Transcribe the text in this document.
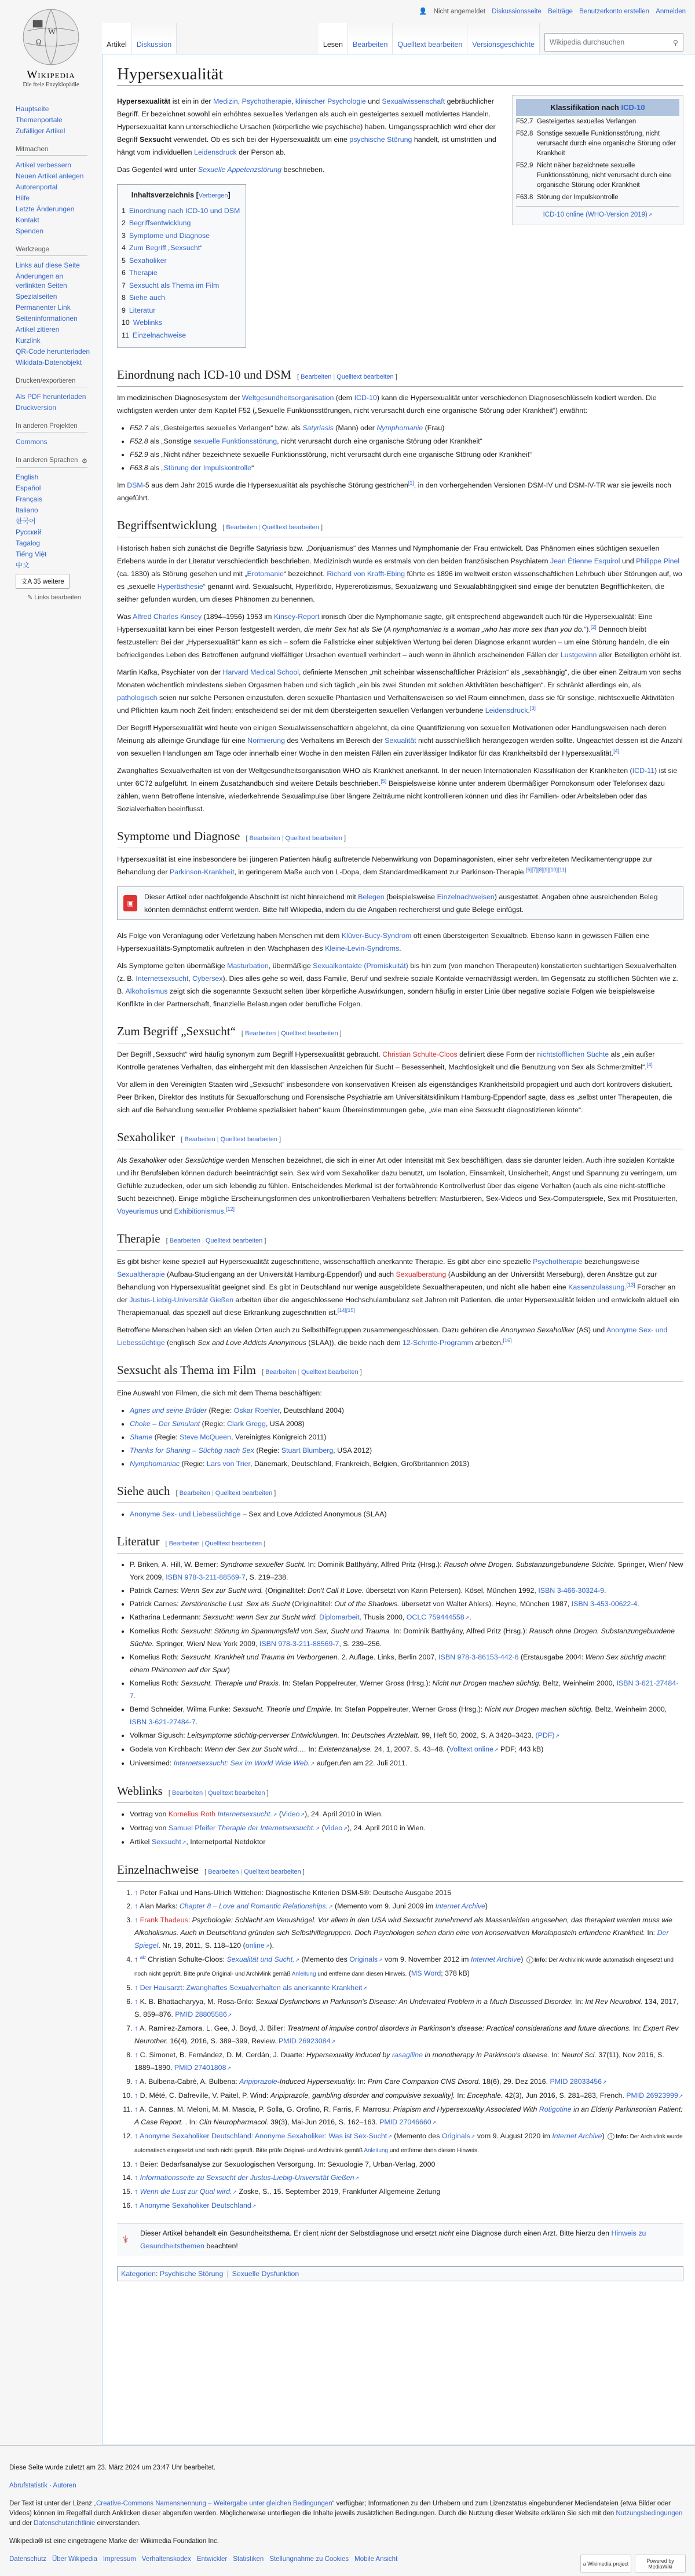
W
Ω
Wikipedia
Die freie Enzyklopädie
👤 Nicht angemeldet Diskussionsseite Beiträge Benutzerkonto erstellen Anmelden
Artikel	Diskussion	Lesen	Bearbeiten	Quelltext bearbeiten	Versionsgeschichte	Wikipedia durchsuchen	⚲
Hauptseite
Themenportale
Zufälliger Artikel
Mitmachen
Artikel verbessern
Neuen Artikel anlegen
Autorenportal
Hilfe
Letzte Änderungen
Kontakt
Spenden
Werkzeuge
Links auf diese Seite
Änderungen an verlinkten Seiten
Spezialseiten
Permanenter Link
Seiteninformationen
Artikel zitieren
Kurzlink
QR-Code herunterladen
Wikidata-Datenobjekt
Drucken/exportieren
Als PDF herunterladen
Druckversion
In anderen Projekten
Commons
In anderen Sprachen ⚙
English
Español
Français
Italiano
한국어
Русский
Tagalog
Tiếng Việt
中文
文A 35 weitere
✎ Links bearbeiten
Hypersexualität
Klassifikation nach ICD-10
F52.7 Gesteigertes sexuelles Verlangen
F52.8 Sonstige sexuelle Funktionsstörung, nicht verursacht durch eine organische Störung oder Krankheit
F52.9 Nicht näher bezeichnete sexuelle Funktionsstörung, nicht verursacht durch eine organische Störung oder Krankheit
F63.8 Störung der Impulskontrolle
ICD-10 online (WHO-Version 2019)↗

Hypersexualität ist ein in der Medizin, Psychotherapie, klinischer Psychologie und Sexualwissenschaft gebräuchlicher Begriff. Er bezeichnet sowohl ein erhöhtes sexuelles Verlangen als auch ein gesteigertes sexuell motiviertes Handeln. Hypersexualität kann unterschiedliche Ursachen (körperliche wie psychische) haben. Umgangssprachlich wird eher der Begriff Sexsucht verwendet. Ob es sich bei der Hypersexualität um eine psychische Störung handelt, ist umstritten und hängt vom individuellen Leidensdruck der Person ab.

Das Gegenteil wird unter Sexuelle Appetenzstörung beschrieben.

Inhaltsverzeichnis [Verbergen]
1 Einordnung nach ICD-10 und DSM
2 Begriffsentwicklung
3 Symptome und Diagnose
4 Zum Begriff „Sexsucht“
5 Sexaholiker
6 Therapie
7 Sexsucht als Thema im Film
8 Siehe auch
9 Literatur
10 Weblinks
11 Einzelnachweise
Einordnung nach ICD-10 und DSM [ Bearbeiten | Quelltext bearbeiten ]

Im medizinischen Diagnosesystem der Weltgesundheitsorganisation (dem ICD-10) kann die Hypersexualität unter verschiedenen Diagnoseschlüsseln kodiert werden. Die wichtigsten werden unter dem Kapitel F52 („Sexuelle Funktionsstörungen, nicht verursacht durch eine organische Störung oder Krankheit“) erwähnt:

• F52.7 als „Gesteigertes sexuelles Verlangen“ bzw. als Satyriasis (Mann) oder Nymphomanie (Frau)
• F52.8 als „Sonstige sexuelle Funktionsstörung, nicht verursacht durch eine organische Störung oder Krankheit“
• F52.9 als „Nicht näher bezeichnete sexuelle Funktionsstörung, nicht verursacht durch eine organische Störung oder Krankheit“
• F63.8 als „Störung der Impulskontrolle“

Im DSM-5 aus dem Jahr 2015 wurde die Hypersexualität als psychische Störung gestrichen[1], in den vorhergehenden Versionen DSM-IV und DSM-IV-TR war sie jeweils noch angeführt.

Begriffsentwicklung [ Bearbeiten | Quelltext bearbeiten ]

Historisch haben sich zunächst die Begriffe Satyriasis bzw. „Donjuanismus“ des Mannes und Nymphomanie der Frau entwickelt. Das Phänomen eines süchtigen sexuellen Erlebens wurde in der Literatur verschiedentlich beschrieben. Medizinisch wurde es erstmals von den beiden französischen Psychiatern Jean Étienne Esquirol und Philippe Pinel (ca. 1830) als Störung gesehen und mit „Erotomanie“ bezeichnet. Richard von Krafft-Ebing führte es 1896 im weltweit ersten wissenschaftlichen Lehrbuch über Störungen auf, wo es „sexuelle Hyperästhesie“ genannt wird. Sexualsucht, Hyperlibido, Hypererotizismus, Sexualzwang und Sexualabhängigkeit sind einige der benutzten Begrifflichkeiten, die seither gefunden wurden, um dieses Phänomen zu benennen.

Was Alfred Charles Kinsey (1894–1956) 1953 im Kinsey-Report ironisch über die Nymphomanie sagte, gilt entsprechend abgewandelt auch für die Hypersexualität: Eine Hypersexualität kann bei einer Person festgestellt werden, die mehr Sex hat als Sie (A nymphomaniac is a woman „who has more sex than you do.“).[2] Dennoch bleibt festzustellen: Bei der „Hypersexualität“ kann es sich – sofern die Fallstricke einer subjektiven Wertung bei deren Diagnose erkannt wurden – um eine Störung handeln, die ein befriedigendes Leben des Betroffenen aufgrund vielfältiger Ursachen eventuell verhindert – auch wenn in ähnlich erscheinenden Fällen der Lustgewinn aller Beteiligten erhöht ist.

Martin Kafka, Psychiater von der Harvard Medical School, definierte Menschen „mit scheinbar wissenschaftlicher Präzision“ als „sexabhängig“, die über einen Zeitraum von sechs Monaten wöchentlich mindestens sieben Orgasmen haben und sich täglich „ein bis zwei Stunden mit solchen Aktivitäten beschäftigen“. Er schränkt allerdings ein, als pathologisch seien nur solche Personen einzustufen, deren sexuelle Phantasien und Verhaltensweisen so viel Raum einnehmen, dass sie für sonstige, nichtsexuelle Aktivitäten und Pflichten kaum noch Zeit finden; entscheidend sei der mit dem übersteigerten sexuellen Verlangen verbundene Leidensdruck.[3]

Der Begriff Hypersexualität wird heute von einigen Sexualwissenschaftlern abgelehnt, da eine Quantifizierung von sexuellen Motivationen oder Handlungsweisen nach deren Meinung als alleinige Grundlage für eine Normierung des Verhaltens im Bereich der Sexualität nicht ausschließlich herangezogen werden sollte. Ungeachtet dessen ist die Anzahl von sexuellen Handlungen am Tage oder innerhalb einer Woche in den meisten Fällen ein zuverlässiger Indikator für das Krankheitsbild der Hypersexualität.[4]

Zwanghaftes Sexualverhalten ist von der Weltgesundheitsorganisation WHO als Krankheit anerkannt. In der neuen Internationalen Klassifikation der Krankheiten (ICD-11) ist sie unter 6C72 aufgeführt. In einem Zusatzhandbuch sind weitere Details beschrieben.[5] Beispielsweise könne unter anderem übermäßiger Pornokonsum oder Telefonsex dazu zählen, wenn Betroffene intensive, wiederkehrende Sexualimpulse über längere Zeiträume nicht kontrollieren können und dies ihr Familien- oder Arbeitsleben oder das Sozialverhalten beeinflusst.

Symptome und Diagnose [ Bearbeiten | Quelltext bearbeiten ]

Hypersexualität ist eine insbesondere bei jüngeren Patienten häufig auftretende Nebenwirkung von Dopaminagonisten, einer sehr verbreiteten Medikamentengruppe zur Behandlung der Parkinson-Krankheit, in geringerem Maße auch von L-Dopa, dem Standardmedikament zur Parkinson-Therapie.[6][7][8][9][10][11]

▣
Dieser Artikel oder nachfolgende Abschnitt ist nicht hinreichend mit Belegen (beispielsweise Einzelnachweisen) ausgestattet. Angaben ohne ausreichenden Beleg könnten demnächst entfernt werden. Bitte hilf Wikipedia, indem du die Angaben recherchierst und gute Belege einfügst.

Als Folge von Veranlagung oder Verletzung haben Menschen mit dem Klüver-Bucy-Syndrom oft einen übersteigerten Sexualtrieb. Ebenso kann in gewissen Fällen eine Hypersexualitäts-Symptomatik auftreten in den Wachphasen des Kleine-Levin-Syndroms.

Als Symptome gelten übermäßige Masturbation, übermäßige Sexualkontakte (Promiskuität) bis hin zum (von manchen Therapeuten) konstatierten suchtartigen Sexualverhalten (z. B. Internetsexsucht, Cybersex). Dies alles gehe so weit, dass Familie, Beruf und sexfreie soziale Kontakte vernachlässigt werden. Im Gegensatz zu stofflichen Süchten wie z. B. Alkoholismus zeigt sich die sogenannte Sexsucht selten über körperliche Auswirkungen, sondern häufig in erster Linie über negative soziale Folgen wie beispielsweise Konflikte in der Partnerschaft, finanzielle Belastungen oder berufliche Folgen.

Zum Begriff „Sexsucht“ [ Bearbeiten | Quelltext bearbeiten ]

Der Begriff „Sexsucht“ wird häufig synonym zum Begriff Hypersexualität gebraucht. Christian Schulte-Cloos definiert diese Form der nichtstofflichen Süchte als „ein außer Kontrolle geratenes Verhalten, das einhergeht mit den klassischen Anzeichen für Sucht – Besessenheit, Machtlosigkeit und die Benutzung von Sex als Schmerzmittel“.[4]

Vor allem in den Vereinigten Staaten wird „Sexsucht“ insbesondere von konservativen Kreisen als eigenständiges Krankheitsbild propagiert und auch dort kontrovers diskutiert. Peer Briken, Direktor des Instituts für Sexualforschung und Forensische Psychiatrie am Universitätsklinikum Hamburg-Eppendorf sagte, dass es „selbst unter Therapeuten, die sich auf die Behandlung sexueller Probleme spezialisiert haben“ kaum Übereinstimmungen gebe, „wie man eine Sexsucht diagnostizieren könnte“.

Sexaholiker [ Bearbeiten | Quelltext bearbeiten ]

Als Sexaholiker oder Sexsüchtige werden Menschen bezeichnet, die sich in einer Art oder Intensität mit Sex beschäftigen, dass sie darunter leiden. Auch ihre sozialen Kontakte und ihr Berufsleben können dadurch beeinträchtigt sein. Sex wird vom Sexaholiker dazu benutzt, um Isolation, Einsamkeit, Unsicherheit, Angst und Spannung zu verringern, um Gefühle zuzudecken, oder um sich lebendig zu fühlen. Entscheidendes Merkmal ist der fortwährende Kontrollverlust über das eigene Verhalten (auch als eine nicht-stoffliche Sucht bezeichnet). Einige mögliche Erscheinungsformen des unkontrollierbaren Verhaltens betreffen: Masturbieren, Sex-Videos und Sex-Computerspiele, Sex mit Prostituierten, Voyeurismus und Exhibitionismus.[12]

Therapie [ Bearbeiten | Quelltext bearbeiten ]

Es gibt bisher keine speziell auf Hypersexualität zugeschnittene, wissenschaftlich anerkannte Therapie. Es gibt aber eine spezielle Psychotherapie beziehungsweise Sexualtherapie (Aufbau-Studiengang an der Universität Hamburg-Eppendorf) und auch Sexualberatung (Ausbildung an der Universität Merseburg), deren Ansätze gut zur Behandlung von Hypersexualität geeignet sind. Es gibt in Deutschland nur wenige ausgebildete Sexualtherapeuten, und nicht alle haben eine Kassenzulassung.[13] Forscher an der Justus-Liebig-Universität Gießen arbeiten über die angeschlossene Hochschulambulanz seit Jahren mit Patienten, die unter Hypersexualität leiden und entwickeln aktuell ein Therapiemanual, das speziell auf diese Erkrankung zugeschnitten ist.[14][15]

Betroffene Menschen haben sich an vielen Orten auch zu Selbsthilfegruppen zusammengeschlossen. Dazu gehören die Anonymen Sexaholiker (AS) und Anonyme Sex- und Liebessüchtige (englisch Sex and Love Addicts Anonymous (SLAA)), die beide nach dem 12-Schritte-Programm arbeiten.[16]

Sexsucht als Thema im Film [ Bearbeiten | Quelltext bearbeiten ]

Eine Auswahl von Filmen, die sich mit dem Thema beschäftigen:

• Agnes und seine Brüder (Regie: Oskar Roehler, Deutschland 2004)
• Choke – Der Simulant (Regie: Clark Gregg, USA 2008)
• Shame (Regie: Steve McQueen, Vereinigtes Königreich 2011)
• Thanks for Sharing – Süchtig nach Sex (Regie: Stuart Blumberg, USA 2012)
• Nymphomaniac (Regie: Lars von Trier, Dänemark, Deutschland, Frankreich, Belgien, Großbritannien 2013)
Siehe auch [ Bearbeiten | Quelltext bearbeiten ]
• Anonyme Sex- und Liebessüchtige – Sex and Love Addicted Anonymous (SLAA)
Literatur [ Bearbeiten | Quelltext bearbeiten ]
• P. Briken, A. Hill, W. Berner: Syndrome sexueller Sucht. In: Dominik Batthyány, Alfred Pritz (Hrsg.): Rausch ohne Drogen. Substanzungebundene Süchte. Springer, Wien/ New York 2009, ISBN 978-3-211-88569-7, S. 219–238.
• Patrick Carnes: Wenn Sex zur Sucht wird. (Originaltitel: Don't Call It Love. übersetzt von Karin Petersen). Kösel, München 1992, ISBN 3-466-30324-9.
• Patrick Carnes: Zerstörerische Lust. Sex als Sucht (Originaltitel: Out of the Shadows. übersetzt von Walter Ahlers). Heyne, München 1987, ISBN 3-453-00622-4.
• Katharina Ledermann: Sexsucht: wenn Sex zur Sucht wird. Diplomarbeit. Thusis 2000, OCLC 759444558↗.
• Kornelius Roth: Sexsucht: Störung im Spannungsfeld von Sex, Sucht und Trauma. In: Dominik Batthyány, Alfred Pritz (Hrsg.): Rausch ohne Drogen. Substanzungebundene Süchte. Springer, Wien/ New York 2009, ISBN 978-3-211-88569-7, S. 239–256.
• Kornelius Roth: Sexsucht. Krankheit und Trauma im Verborgenen. 2. Auflage. Links, Berlin 2007, ISBN 978-3-86153-442-6 (Erstausgabe 2004: Wenn Sex süchtig macht: einem Phänomen auf der Spur)
• Kornelius Roth: Sexsucht. Therapie und Praxis. In: Stefan Poppelreuter, Werner Gross (Hrsg.): Nicht nur Drogen machen süchtig. Beltz, Weinheim 2000, ISBN 3-621-27484-7.
• Bernd Schneider, Wilma Funke: Sexsucht. Theorie und Empirie. In: Stefan Poppelreuter, Werner Gross (Hrsg.): Nicht nur Drogen machen süchtig. Beltz, Weinheim 2000, ISBN 3-621-27484-7.
• Volkmar Sigusch: Leitsymptome süchtig-perverser Entwicklungen. In: Deutsches Ärzteblatt. 99, Heft 50, 2002, S. A 3420–3423. (PDF)↗
• Godela von Kirchbach: Wenn der Sex zur Sucht wird…. In: Existenzanalyse. 24, 1, 2007, S. 43–48. (Volltext online↗ PDF; 443 kB)
• Universimed: Internetsexsucht: Sex im World Wide Web.↗ aufgerufen am 22. Juli 2011.
Weblinks [ Bearbeiten | Quelltext bearbeiten ]
• Vortrag von Kornelius Roth Internetsexsucht.↗ (Video↗), 24. April 2010 in Wien.
• Vortrag von Samuel Pfeifer Therapie der Internetsexsucht.↗ (Video↗), 24. April 2010 in Wien.
• Artikel Sexsucht↗, Internetportal Netdoktor
Einzelnachweise [ Bearbeiten | Quelltext bearbeiten ]
1. ↑ Peter Falkai und Hans-Ulrich Wittchen: Diagnostische Kriterien DSM-5®: Deutsche Ausgabe 2015
2. ↑ Alan Marks: Chapter 8 – Love and Romantic Relationships.↗ (Memento vom 9. Juni 2009 im Internet Archive)
3. ↑ Frank Thadeus: Psychologie: Schlacht am Venushügel. Vor allem in den USA wird Sexsucht zunehmend als Massenleiden angesehen, das therapiert werden muss wie Alkoholismus. Auch in Deutschland gründen sich Selbsthilfegruppen. Doch Psychologen sehen darin eine von konservativen Moralaposteln erfundene Krankheit. In: Der Spiegel. Nr. 19, 2011, S. 118–120 (online↗).
4. ↑ $^{ab}$ Christian Schulte-Cloos: Sexualität und Sucht.↗ (Memento des Originals↗ vom 9. November 2012 im Internet Archive) i Info: Der Archivlink wurde automatisch eingesetzt und noch nicht geprüft. Bitte prüfe Original- und Archivlink gemäß Anleitung und entferne dann diesen Hinweis. (MS Word; 378 kB)
5. ↑ Der Hausarzt: Zwanghaftes Sexualverhalten als anerkannte Krankheit↗
6. ↑ K. B. Bhattacharyya, M. Rosa-Grilo: Sexual Dysfunctions in Parkinson's Disease: An Underrated Problem in a Much Discussed Disorder. In: Int Rev Neurobiol. 134, 2017, S. 859–876. PMID 28805586↗
7. ↑ A. Ramirez-Zamora, L. Gee, J. Boyd, J. Biller: Treatment of impulse control disorders in Parkinson's disease: Practical considerations and future directions. In: Expert Rev Neurother. 16(4), 2016, S. 389–399, Review. PMID 26923084↗
8. ↑ C. Simonet, B. Fernández, D. M. Cerdán, J. Duarte: Hypersexuality induced by rasagiline in monotherapy in Parkinson's disease. In: Neurol Sci. 37(11), Nov 2016, S. 1889–1890. PMID 27401808↗
9. ↑ A. Bulbena-Cabré, A. Bulbena: Aripiprazole-Induced Hypersexuality. In: Prim Care Companion CNS Disord. 18(6), 29. Dez 2016. PMID 28033456↗
10. ↑ D. Mété, C. Dafreville, V. Paitel, P. Wind: Aripiprazole, gambling disorder and compulsive sexuality]. In: Encephale. 42(3), Jun 2016, S. 281–283, French. PMID 26923999↗
11. ↑ A. Cannas, M. Meloni, M. M. Mascia, P. Solla, G. Orofino, R. Farris, F. Marrosu: Priapism and Hypersexuality Associated With Rotigotine in an Elderly Parkinsonian Patient: A Case Report. . In: Clin Neuropharmacol. 39(3), Mai-Jun 2016, S. 162–163. PMID 27046660↗
12. ↑ Anonyme Sexaholiker Deutschland: Anonyme Sexaholiker: Was ist Sex-Sucht↗ (Memento des Originals↗ vom 9. August 2020 im Internet Archive) i Info: Der Archivlink wurde automatisch eingesetzt und noch nicht geprüft. Bitte prüfe Original- und Archivlink gemäß Anleitung und entferne dann diesen Hinweis.
13. ↑ Beier: Bedarfsanalyse zur Sexuologischen Versorgung. In: Sexuologie 7, Urban-Verlag, 2000
14. ↑ Informationsseite zu Sexsucht der Justus-Liebig-Universität Gießen↗
15. ↑ Wenn die Lust zur Qual wird.↗ Zoske, S., 15. September 2019, Frankfurter Allgemeine Zeitung
16. ↑ Anonyme Sexaholiker Deutschland↗
⚕
Dieser Artikel behandelt ein Gesundheitsthema. Er dient nicht der Selbstdiagnose und ersetzt nicht eine Diagnose durch einen Arzt. Bitte hierzu den Hinweis zu Gesundheitsthemen beachten!
Kategorien: Psychische Störung | Sexuelle Dysfunktion

Diese Seite wurde zuletzt am 23. März 2024 um 23:47 Uhr bearbeitet.

Abrufstatistik · Autoren

Der Text ist unter der Lizenz „Creative-Commons Namensnennung – Weitergabe unter gleichen Bedingungen“ verfügbar; Informationen zu den Urhebern und zum Lizenzstatus eingebundener Mediendateien (etwa Bilder oder Videos) können im Regelfall durch Anklicken dieser abgerufen werden. Möglicherweise unterliegen die Inhalte jeweils zusätzlichen Bedingungen. Durch die Nutzung dieser Website erklären Sie sich mit den Nutzungsbedingungen und der Datenschutzrichtlinie einverstanden.

Wikipedia® ist eine eingetragene Marke der Wikimedia Foundation Inc.

a Wikimedia project	Powered by MediaWiki
Datenschutz Über Wikipedia Impressum Verhaltenskodex Entwickler Statistiken Stellungnahme zu Cookies Mobile Ansicht
